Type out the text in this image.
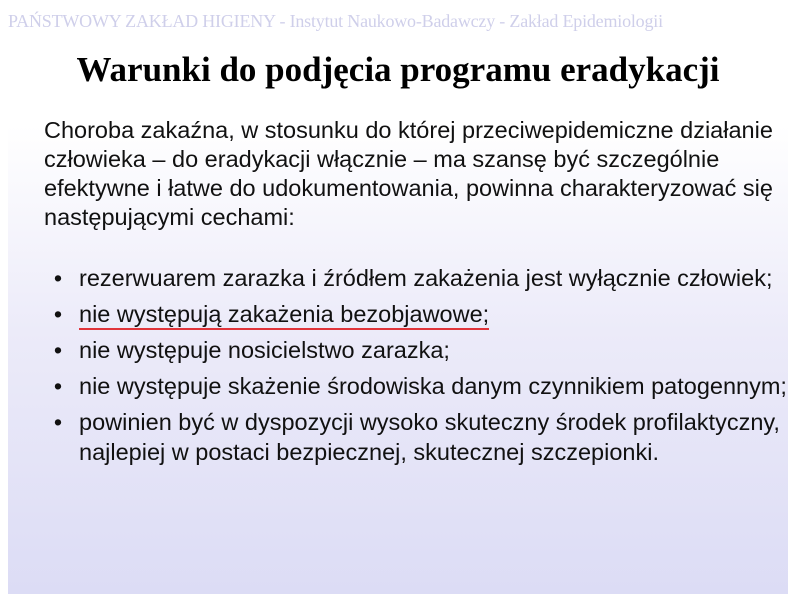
PAŃSTWOWY ZAKŁAD HIGIENY - Instytut Naukowo-Badawczy - Zakład Epidemiologii
Warunki do podjęcia programu eradykacji

Choroba zakaźna, w stosunku do której przeciwepidemiczne działanie człowieka – do eradykacji włącznie – ma szansę być szczególnie efektywne i łatwe do udokumentowania, powinna charakteryzować się następującymi cechami:

• rezerwuarem zarazka i źródłem zakażenia jest wyłącznie człowiek;
• nie występują zakażenia bezobjawowe;
• nie występuje nosicielstwo zarazka;
• nie występuje skażenie środowiska danym czynnikiem patogennym;
• powinien być w dyspozycji wysoko skuteczny środek profilaktyczny, najlepiej w postaci bezpiecznej, skutecznej szczepionki.
